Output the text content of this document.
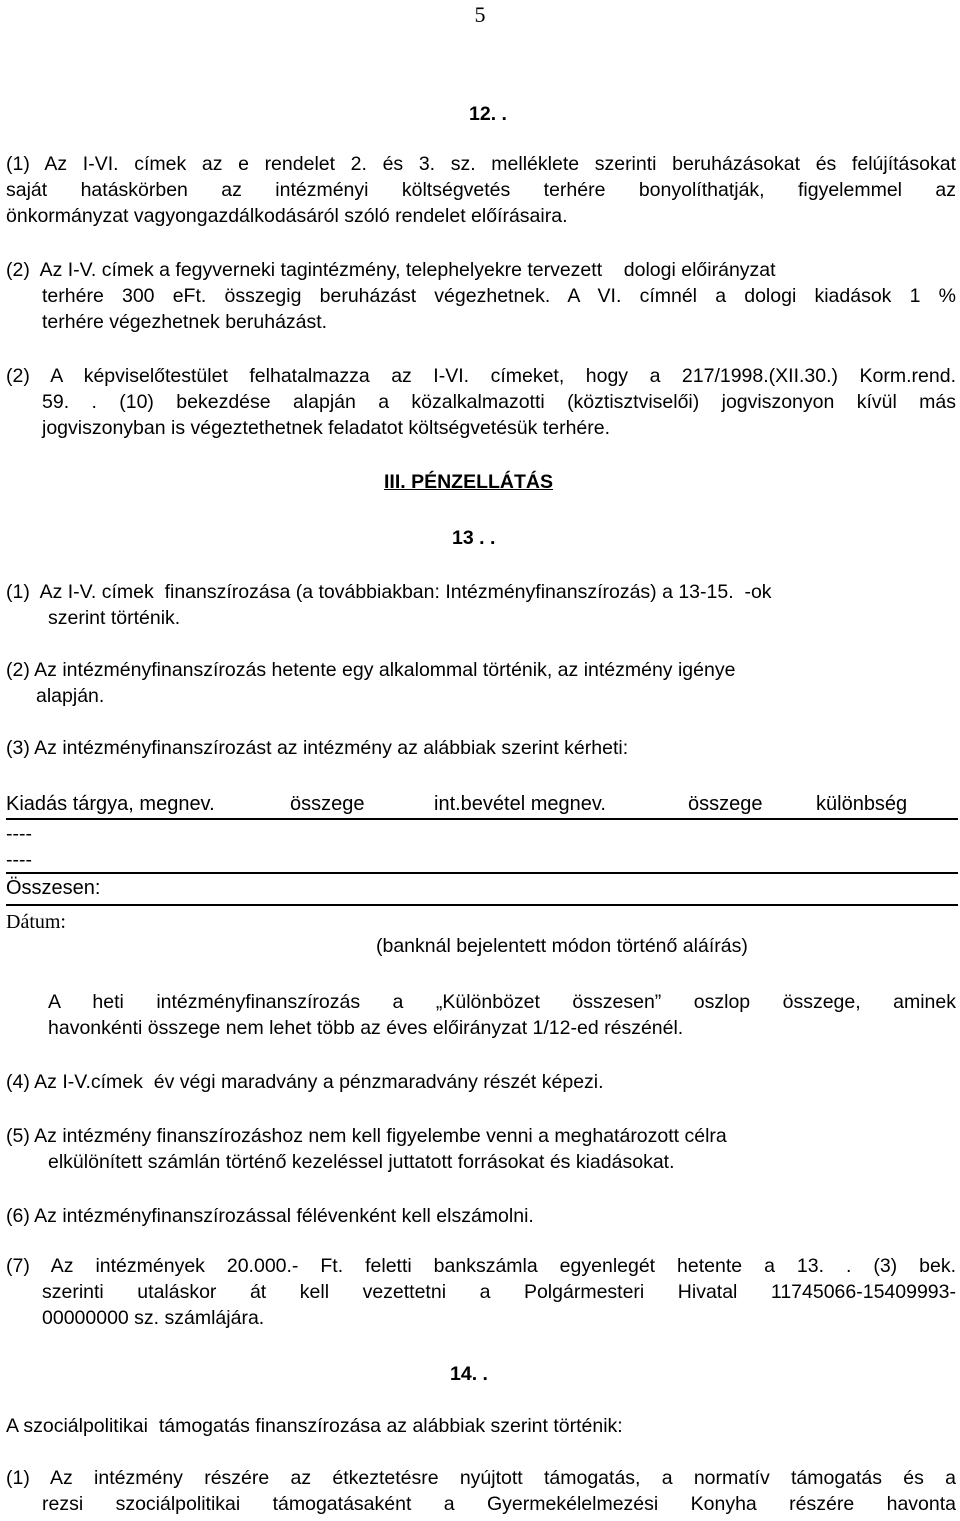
5
12. .
(1) Az I-VI. címek az e rendelet 2. és 3. sz. melléklete szerinti beruházásokat és felújításokat
saját hatáskörben az intézményi költségvetés terhére bonyolíthatják, figyelemmel az
önkormányzat vagyongazdálkodásáról szóló rendelet előírásaira.
(2)  Az I-V. címek a fegyverneki tagintézmény, telephelyekre tervezett    dologi előirányzat
terhére 300 eFt. összegig beruházást végezhetnek. A VI. címnél a dologi kiadások 1 %
terhére végezhetnek beruházást.
(2) A képviselőtestület felhatalmazza az I-VI. címeket, hogy a 217/1998.(XII.30.) Korm.rend.
59. . (10) bekezdése alapján a közalkalmazotti (köztisztviselői) jogviszonyon kívül más
jogviszonyban is végeztethetnek feladatot költségvetésük terhére.
III. PÉNZELLÁTÁS
13 . .
(1)  Az I-V. címek  finanszírozása (a továbbiakban: Intézményfinanszírozás) a 13-15.  -ok
szerint történik.
(2) Az intézményfinanszírozás hetente egy alkalommal történik, az intézmény igénye
alapján.
(3) Az intézményfinanszírozást az intézmény az alábbiak szerint kérheti:
Kiadás tárgya, megnev.	összege	int.bevétel megnev.	összege	különbség
----
----
Összesen:
Dátum:
(banknál bejelentett módon történő aláírás)
A heti intézményfinanszírozás a „Különbözet összesen” oszlop összege, aminek
havonkénti összege nem lehet több az éves előirányzat 1/12-ed részénél.
(4) Az I-V.címek  év végi maradvány a pénzmaradvány részét képezi.
(5) Az intézmény finanszírozáshoz nem kell figyelembe venni a meghatározott célra
elkülönített számlán történő kezeléssel juttatott forrásokat és kiadásokat.
(6) Az intézményfinanszírozással félévenként kell elszámolni.
(7) Az intézmények 20.000.- Ft. feletti bankszámla egyenlegét hetente a 13. . (3) bek.
szerinti utaláskor át kell vezettetni a Polgármesteri Hivatal 11745066-15409993-
00000000 sz. számlájára.
14. .
A szociálpolitikai  támogatás finanszírozása az alábbiak szerint történik:
(1) Az intézmény részére az étkeztetésre nyújtott támogatás, a normatív támogatás és a
rezsi szociálpolitikai támogatásaként a Gyermekélelmezési Konyha részére havonta
